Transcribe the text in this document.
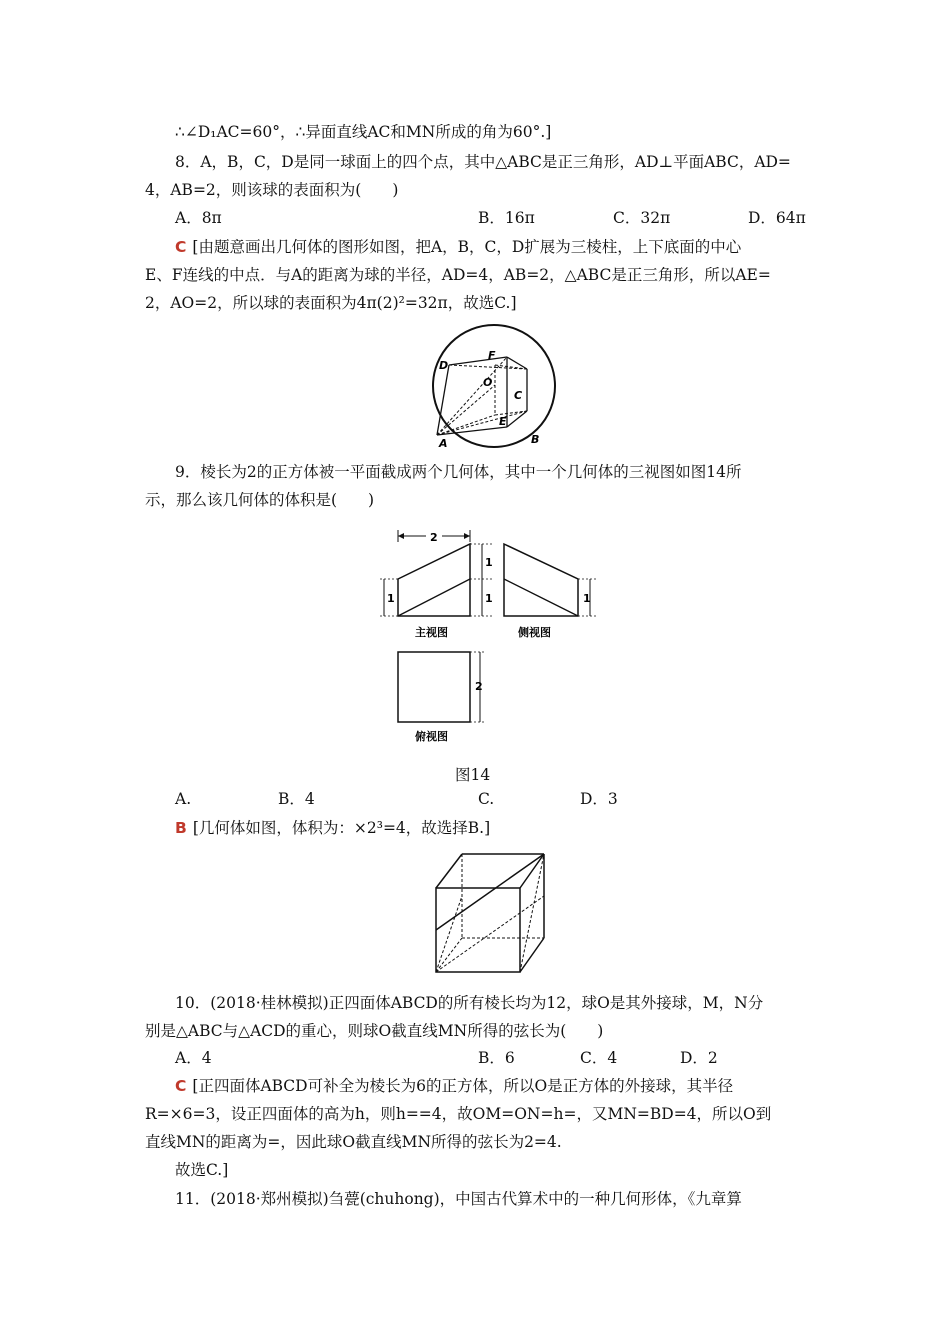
∴∠D₁AC=60°，∴异面直线AC和MN所成的角为60°.]
8．A，B，C，D是同一球面上的四个点，其中△ABC是正三角形，AD⊥平面ABC，AD=
4，AB=2，则该球的表面积为(　　)
A．8π	B．16π	C．32π	D．64π
C [由题意画出几何体的图形如图，把A，B，C，D扩展为三棱柱，上下底面的中心
E、F连线的中点．与A的距离为球的半径，AD=4，AB=2，△ABC是正三角形，所以AE=
2，AO=2，所以球的表面积为4π(2)²=32π，故选C.]
D
F
O
C
E
A	B
9．棱长为2的正方体被一平面截成两个几何体，其中一个几何体的三视图如图14所
示，那么该几何体的体积是(　　)
2
1
1
1
主视图
1
侧视图
2
俯视图
图14
A.	B．4	C.	D．3
B [几何体如图，体积为：×2³=4，故选择B.]
10．(2018·桂林模拟)正四面体ABCD的所有棱长均为12，球O是其外接球，M，N分
别是△ABC与△ACD的重心，则球O截直线MN所得的弦长为(　　)
A．4	B．6	C．4	D．2
C [正四面体ABCD可补全为棱长为6的正方体，所以O是正方体的外接球，其半径
R=×6=3，设正四面体的高为h，则h==4，故OM=ON=h=，又MN=BD=4，所以O到
直线MN的距离为=，因此球O截直线MN所得的弦长为2=4.
故选C.]
11．(2018·郑州模拟)刍甍(chuhong)，中国古代算术中的一种几何形体，《九章算
